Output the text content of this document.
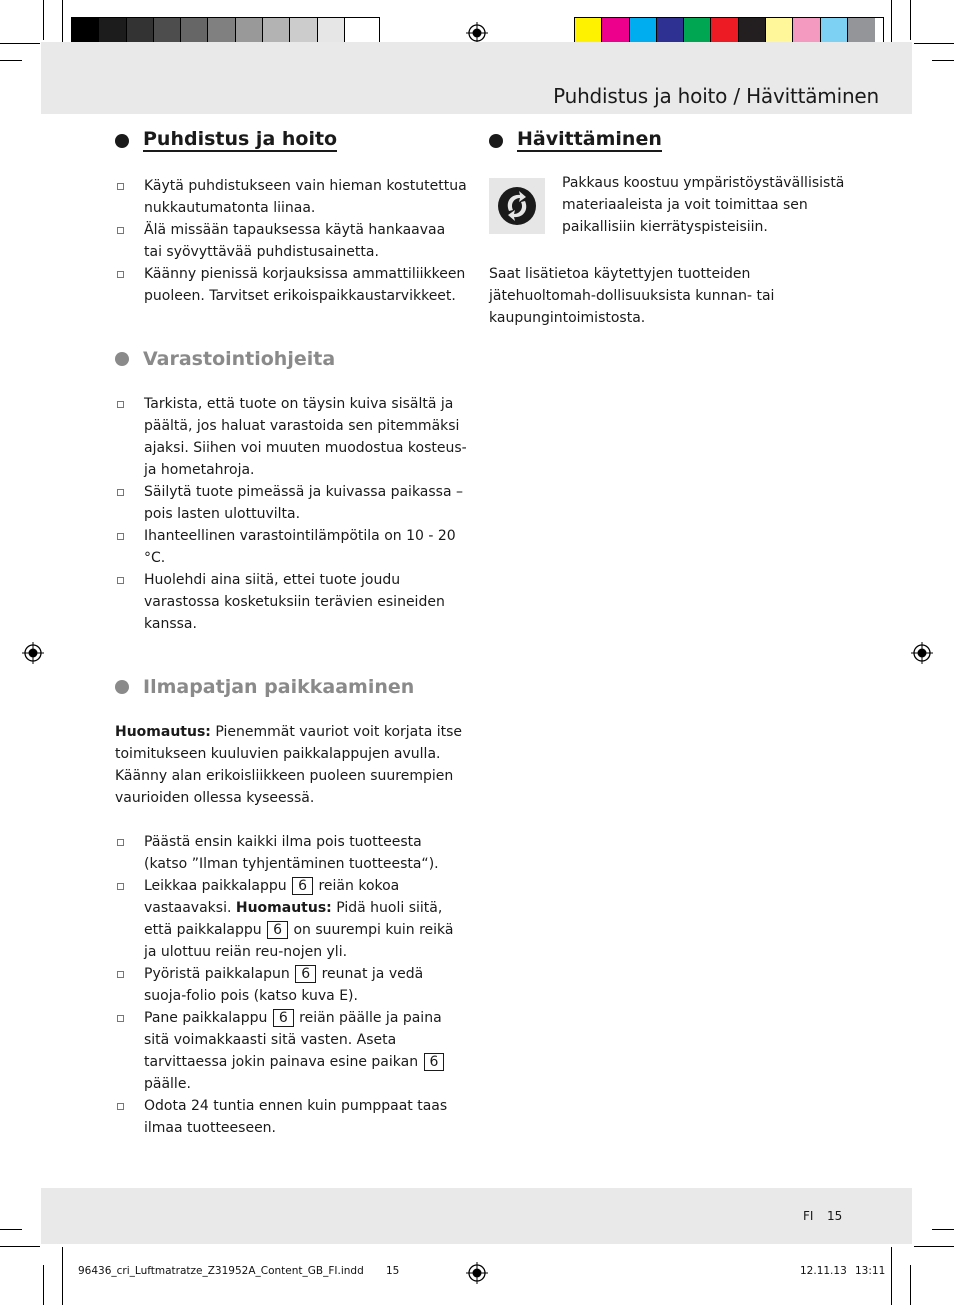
Puhdistus ja hoito / Hävittäminen
Puhdistus ja hoito
Käytä puhdistukseen vain hieman kostutettua nukkautumatonta liinaa.
Älä missään tapauksessa käytä hankaavaa tai syövyttävää puhdistusainetta.
Käänny pienissä korjauksissa ammattiliikkeen puoleen. Tarvitset erikoispaikkaustarvikkeet.
Varastointiohjeita
Tarkista, että tuote on täysin kuiva sisältä ja päältä, jos haluat varastoida sen pitemmäksi ajaksi. Siihen voi muuten muodostua kosteus- ja hometahroja.
Säilytä tuote pimeässä ja kuivassa paikassa – pois lasten ulottuvilta.
Ihanteellinen varastointilämpötila on 10 - 20 °C.
Huolehdi aina siitä, ettei tuote joudu varastossa kosketuksiin terävien esineiden kanssa.
Ilmapatjan paikkaaminen

Huomautus: Pienemmät vauriot voit korjata itse toimitukseen kuuluvien paikkalappujen avulla. Käänny alan erikoisliikkeen puoleen suurempien vaurioiden ollessa kyseessä.

Päästä ensin kaikki ilma pois tuotteesta (katso ”Ilman tyhjentäminen tuotteesta“).
Leikkaa paikkalappu 6 reiän kokoa vastaavaksi. Huomautus: Pidä huoli siitä, että paikkalappu 6 on suurempi kuin reikä ja ulottuu reiän reu-nojen yli.
Pyöristä paikkalapun 6 reunat ja vedä suoja-folio pois (katso kuva E).
Pane paikkalappu 6 reiän päälle ja paina sitä voimakkaasti sitä vasten. Aseta tarvittaessa jokin painava esine paikan 6 päälle.
Odota 24 tuntia ennen kuin pumppaat taas ilmaa tuotteeseen.
Hävittäminen

Pakkaus koostuu ympäristöystävällisistä materiaaleista ja voit toimittaa sen paikallisiin kierrätyspisteisiin.

Saat lisätietoa käytettyjen tuotteiden jätehuoltomah-dollisuuksista kunnan- tai kaupungintoimistosta.

FI 15
96436_cri_Luftmatratze_Z31952A_Content_GB_FI.indd 15	12.11.13 13:11
